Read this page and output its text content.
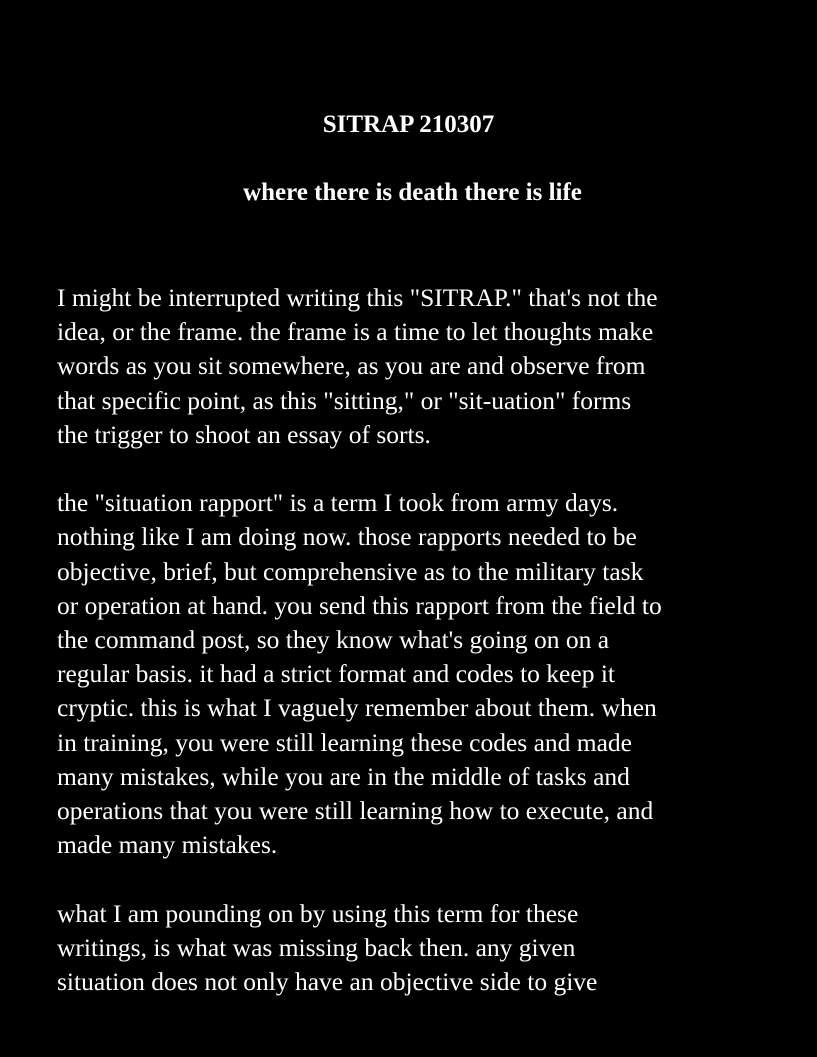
SITRAP 210307
where there is death there is life
I might be interrupted writing this "SITRAP." that's not the
idea, or the frame. the frame is a time to let thoughts make
words as you sit somewhere, as you are and observe from
that specific point, as this "sitting," or "sit-uation" forms
the trigger to shoot an essay of sorts.
the "situation rapport" is a term I took from army days.
nothing like I am doing now. those rapports needed to be
objective, brief, but comprehensive as to the military task
or operation at hand. you send this rapport from the field to
the command post, so they know what's going on on a
regular basis. it had a strict format and codes to keep it
cryptic. this is what I vaguely remember about them. when
in training, you were still learning these codes and made
many mistakes, while you are in the middle of tasks and
operations that you were still learning how to execute, and
made many mistakes.
what I am pounding on by using this term for these
writings, is what was missing back then. any given
situation does not only have an objective side to give
